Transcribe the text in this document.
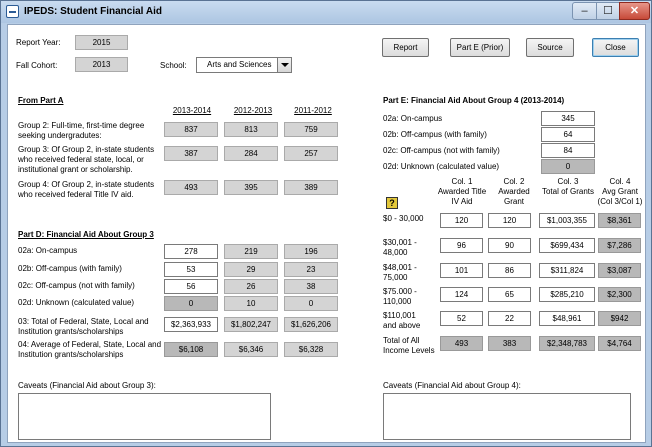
IPEDS: Student Financial Aid	–	☐	✕
Report Year:	2015
Fall Cohort:	2013	School:	Arts and Sciences
Report	Part E (Prior)	Source	Close
From Part A
2013-2014	2012-2013	2011-2012
Group 2: Full-time, first-time degree seeking undergradutes:
837	813	759
Group 3: Of Group 2, in-state students who received federal state, local, or institutional grant or scholarship.
387	284	257
Group 4: Of Group 2, in-state students who received federal Title IV aid.
493	395	389
Part D: Financial Aid About Group 3
02a: On-campus	278	219	196
02b: Off-campus (with family)	53	29	23
02c: Off-campus (not with family)	56	26	38
02d: Unknown (calculated value)	0	10	0
03: Total of Federal, State, Local and Institution grants/scholarships
$2,363,933	$1,802,247	$1,626,206
04: Average of Federal, State, Local and Institution grants/scholarships
$6,108	$6,346	$6,328
Part E: Financial Aid About Group 4 (2013-2014)
02a: On-campus	345
02b: Off-campus (with family)	64
02c: Off-campus (not with family)	84
02d: Unknown (calculated value)	0
?
Col. 1
Awarded Title IV Aid
Col. 2
Awarded Grant
Col. 3
Total of Grants
Col. 4
Avg Grant (Col 3/Col 1)
$0 - 30,000	120	120	$1,003,355	$8,361
$30,001 - 48,000
96	90	$699,434	$7,286
$48,001 - 75,000
101	86	$311,824	$3,087
$75.000 - 110,000
124	65	$285,210	$2,300
$110,001 and above
52	22	$48,961	$942
Total of All Income Levels
493	383	$2,348,783	$4,764
Caveats (Financial Aid about Group 3):	Caveats (Financial Aid about Group 4):
